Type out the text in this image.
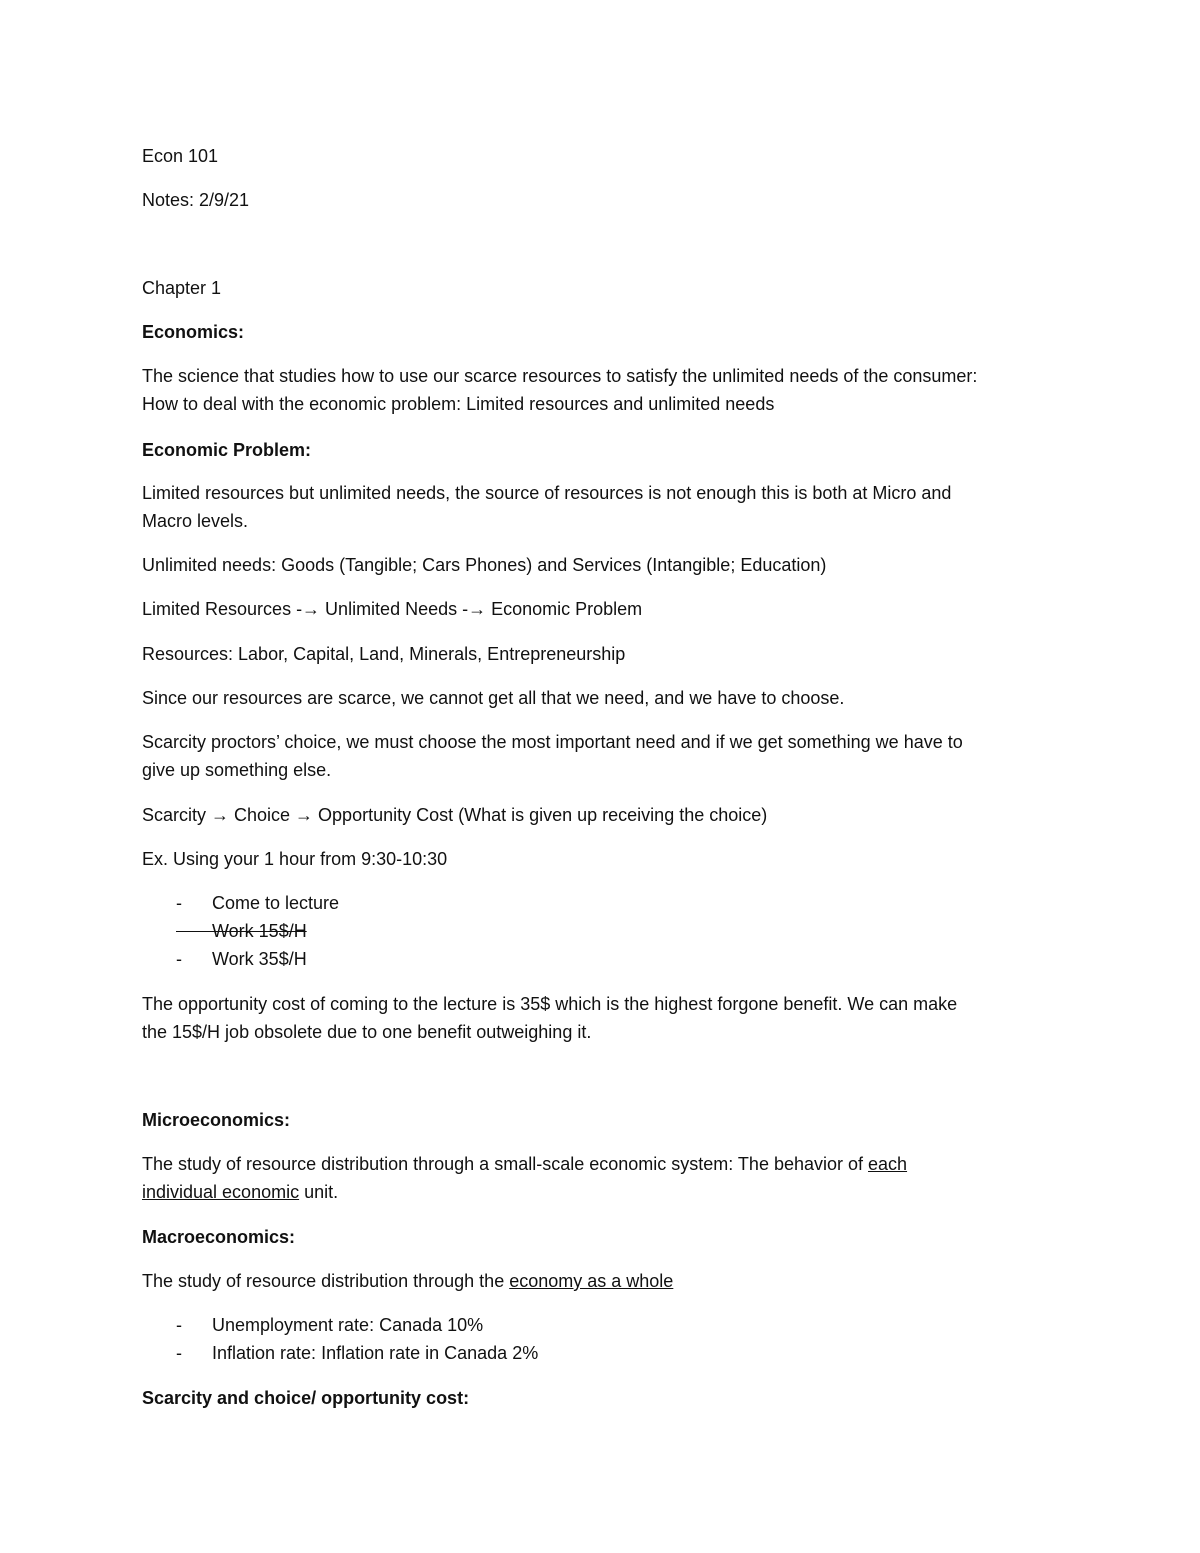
Econ 101

Notes: 2/9/21

Chapter 1

Economics:

The science that studies how to use our scarce resources to satisfy the unlimited needs of the consumer:

How to deal with the economic problem: Limited resources and unlimited needs

Economic Problem:

Limited resources but unlimited needs, the source of resources is not enough this is both at Micro and

Macro levels.

Unlimited needs: Goods (Tangible; Cars Phones) and Services (Intangible; Education)

Limited Resources -→ Unlimited Needs -→ Economic Problem

Resources: Labor, Capital, Land, Minerals, Entrepreneurship

Since our resources are scarce, we cannot get all that we need, and we have to choose.

Scarcity proctors’ choice, we must choose the most important need and if we get something we have to

give up something else.

Scarcity → Choice → Opportunity Cost (What is given up receiving the choice)

Ex. Using your 1 hour from 9:30-10:30

- Come to lecture
Work 15$/H
- Work 35$/H

The opportunity cost of coming to the lecture is 35$ which is the highest forgone benefit. We can make

the 15$/H job obsolete due to one benefit outweighing it.

Microeconomics:

The study of resource distribution through a small-scale economic system: The behavior of each

individual economic unit.

Macroeconomics:

The study of resource distribution through the economy as a whole

- Unemployment rate: Canada 10%
- Inflation rate: Inflation rate in Canada 2%

Scarcity and choice/ opportunity cost:
